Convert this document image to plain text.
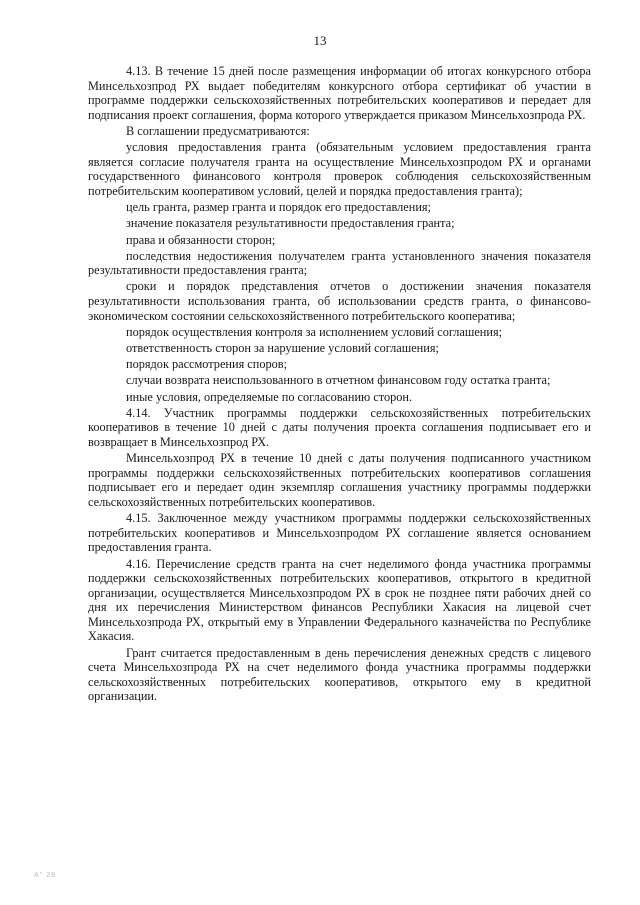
13

4.13. В течение 15 дней после размещения информации об итогах конкурсного отбора Минсельхозпрод РХ выдает победителям конкурсного отбора сертификат об участии в программе поддержки сельскохозяйственных потребительских кооперативов и передает для подписания проект соглашения, форма которого утверждается приказом Минсельхозпрода РХ.

В соглашении предусматриваются:

условия предоставления гранта (обязательным условием предоставления гранта является согласие получателя гранта на осуществление Минсельхозпродом РХ и органами государственного финансового контроля проверок соблюдения сельскохозяйственным потребительским кооперативом условий, целей и порядка предоставления гранта);

цель гранта, размер гранта и порядок его предоставления;

значение показателя результативности предоставления гранта;

права и обязанности сторон;

последствия недостижения получателем гранта установленного значения показателя результативности предоставления гранта;

сроки и порядок представления отчетов о достижении значения показателя результативности использования гранта, об использовании средств гранта, о финансово-экономическом состоянии сельскохозяйственного потребительского кооператива;

порядок осуществления контроля за исполнением условий соглашения;

ответственность сторон за нарушение условий соглашения;

порядок рассмотрения споров;

случаи возврата неиспользованного в отчетном финансовом году остатка гранта;

иные условия, определяемые по согласованию сторон.

4.14. Участник программы поддержки сельскохозяйственных потребительских кооперативов в течение 10 дней с даты получения проекта соглашения подписывает его и возвращает в Минсельхозпрод РХ.

Минсельхозпрод РХ в течение 10 дней с даты получения подписанного участником программы поддержки сельскохозяйственных потребительских кооперативов соглашения подписывает его и передает один экземпляр соглашения участнику программы поддержки сельскохозяйственных потребительских кооперативов.

4.15. Заключенное между участником программы поддержки сельскохозяйственных потребительских кооперативов и Минсельхозпродом РХ соглашение является основанием предоставления гранта.

4.16. Перечисление средств гранта на счет неделимого фонда участника программы поддержки сельскохозяйственных потребительских кооперативов, открытого в кредитной организации, осуществляется Минсельхозпродом РХ в срок не позднее пяти рабочих дней со дня их перечисления Министерством финансов Республики Хакасия на лицевой счет Минсельхозпрода РХ, открытый ему в Управлении Федерального казначейства по Республике Хакасия.

Грант считается предоставленным в день перечисления денежных средств с лицевого счета Минсельхозпрода РХ на счет неделимого фонда участника программы поддержки сельскохозяйственных потребительских кооперативов, открытого ему в кредитной организации.

А° 28
